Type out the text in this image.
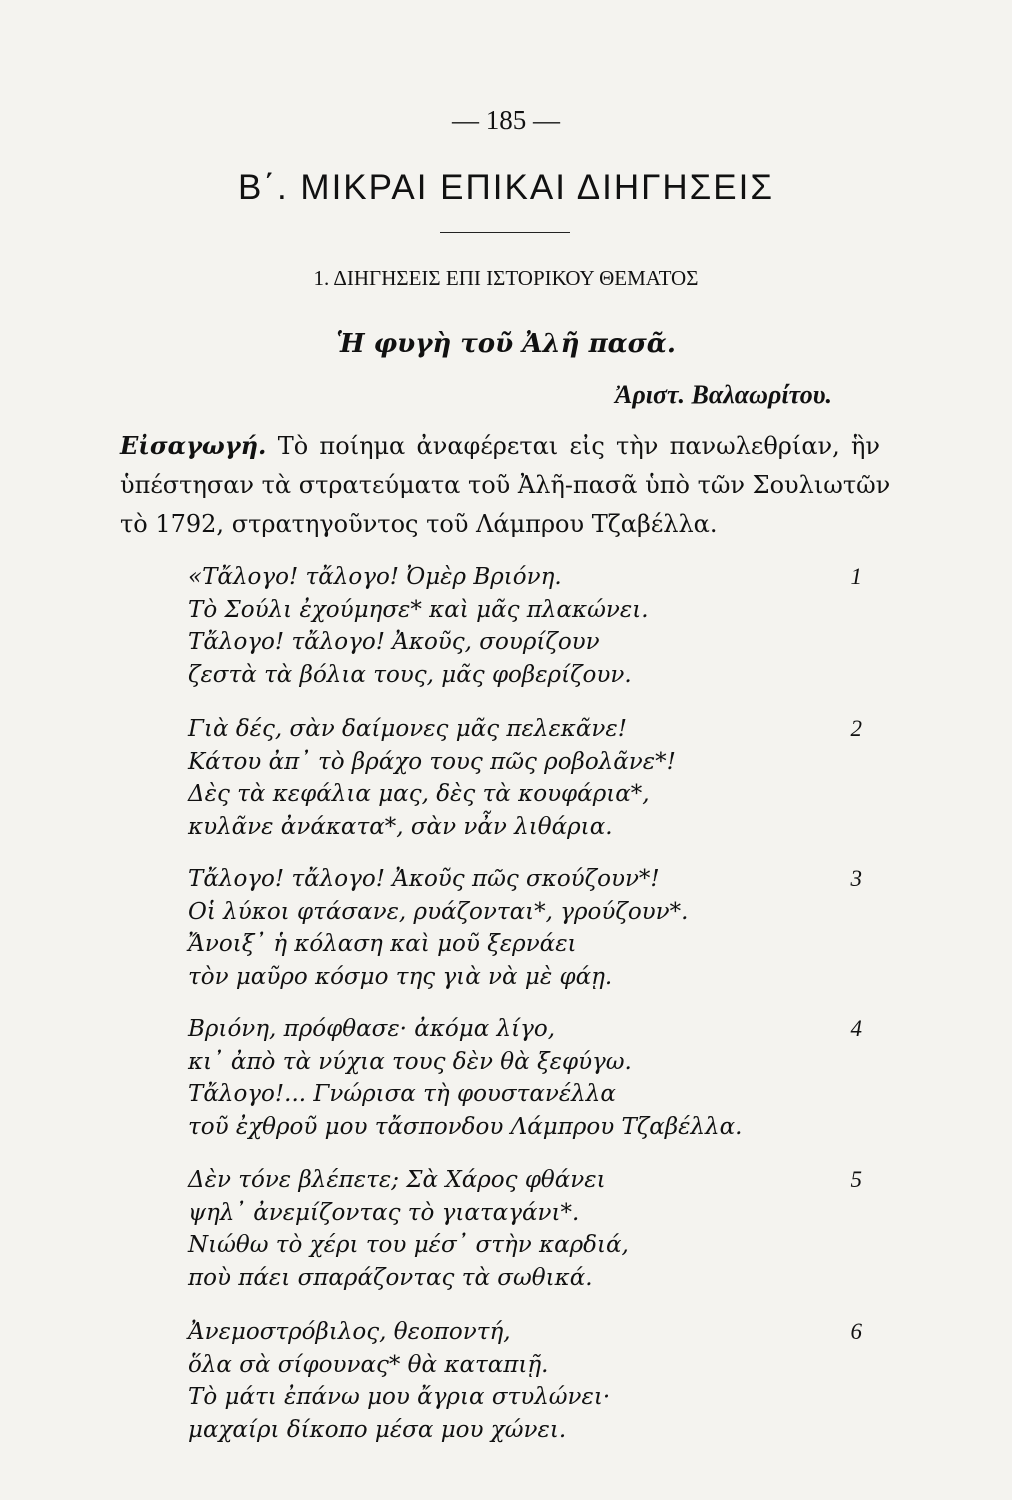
— 185 —
Β΄. ΜΙΚΡΑΙ ΕΠΙΚΑΙ ΔΙΗΓΗΣΕΙΣ
1. ΔΙΗΓΗΣΕΙΣ ΕΠΙ ΙΣΤΟΡΙΚΟΥ ΘΕΜΑΤΟΣ
Ἡ φυγὴ τοῦ Ἀλῆ πασᾶ.
Ἀριστ. Βαλαωρίτου.
Εἰσαγωγή. Τὸ ποίημα ἀναφέρεται εἰς τὴν πανωλεθρίαν, ἣν
ὑπέστησαν τὰ στρατεύματα τοῦ Ἀλῆ-πασᾶ ὑπὸ τῶν Σουλιωτῶν
τὸ 1792, στρατηγοῦντος τοῦ Λάμπρου Τζαβέλλα.
1
«Τἄλογο! τἄλογο! Ὀμὲρ Βριόνη.
Τὸ Σούλι ἐχούμησε* καὶ μᾶς πλακώνει.
Τἄλογο! τἄλογο! Ἀκοῦς, σουρίζουν
ζεστὰ τὰ βόλια τους, μᾶς φοβερίζουν.
2
Γιὰ δές, σὰν δαίμονες μᾶς πελεκᾶνε!
Κάτου ἀπ᾽ τὸ βράχο τους πῶς ροβολᾶνε*!
Δὲς τὰ κεφάλια μας, δὲς τὰ κουφάρια*,
κυλᾶνε ἀνάκατα*, σὰν νἆν λιθάρια.
3
Τἄλογο! τἄλογο! Ἀκοῦς πῶς σκούζουν*!
Οἱ λύκοι φτάσανε, ρυάζονται*, γρούζουν*.
Ἄνοιξ᾽ ἡ κόλαση καὶ μοῦ ξερνάει
τὸν μαῦρο κόσμο της γιὰ νὰ μὲ φάῃ.
4
Βριόνη, πρόφθασε· ἀκόμα λίγο,
κι᾽ ἀπὸ τὰ νύχια τους δὲν θὰ ξεφύγω.
Τἄλογο!... Γνώρισα τὴ φουστανέλλα
τοῦ ἐχθροῦ μου τἄσπονδου Λάμπρου Τζαβέλλα.
5
Δὲν τόνε βλέπετε; Σὰ Χάρος φθάνει
ψηλ᾽ ἀνεμίζοντας τὸ γιαταγάνι*.
Νιώθω τὸ χέρι του μέσ᾽ στὴν καρδιά,
ποὺ πάει σπαράζοντας τὰ σωθικά.
6
Ἀνεμοστρόβιλος, θεοποντή,
ὅλα σὰ σίφουνας* θὰ καταπιῇ.
Τὸ μάτι ἐπάνω μου ἄγρια στυλώνει·
μαχαίρι δίκοπο μέσα μου χώνει.
